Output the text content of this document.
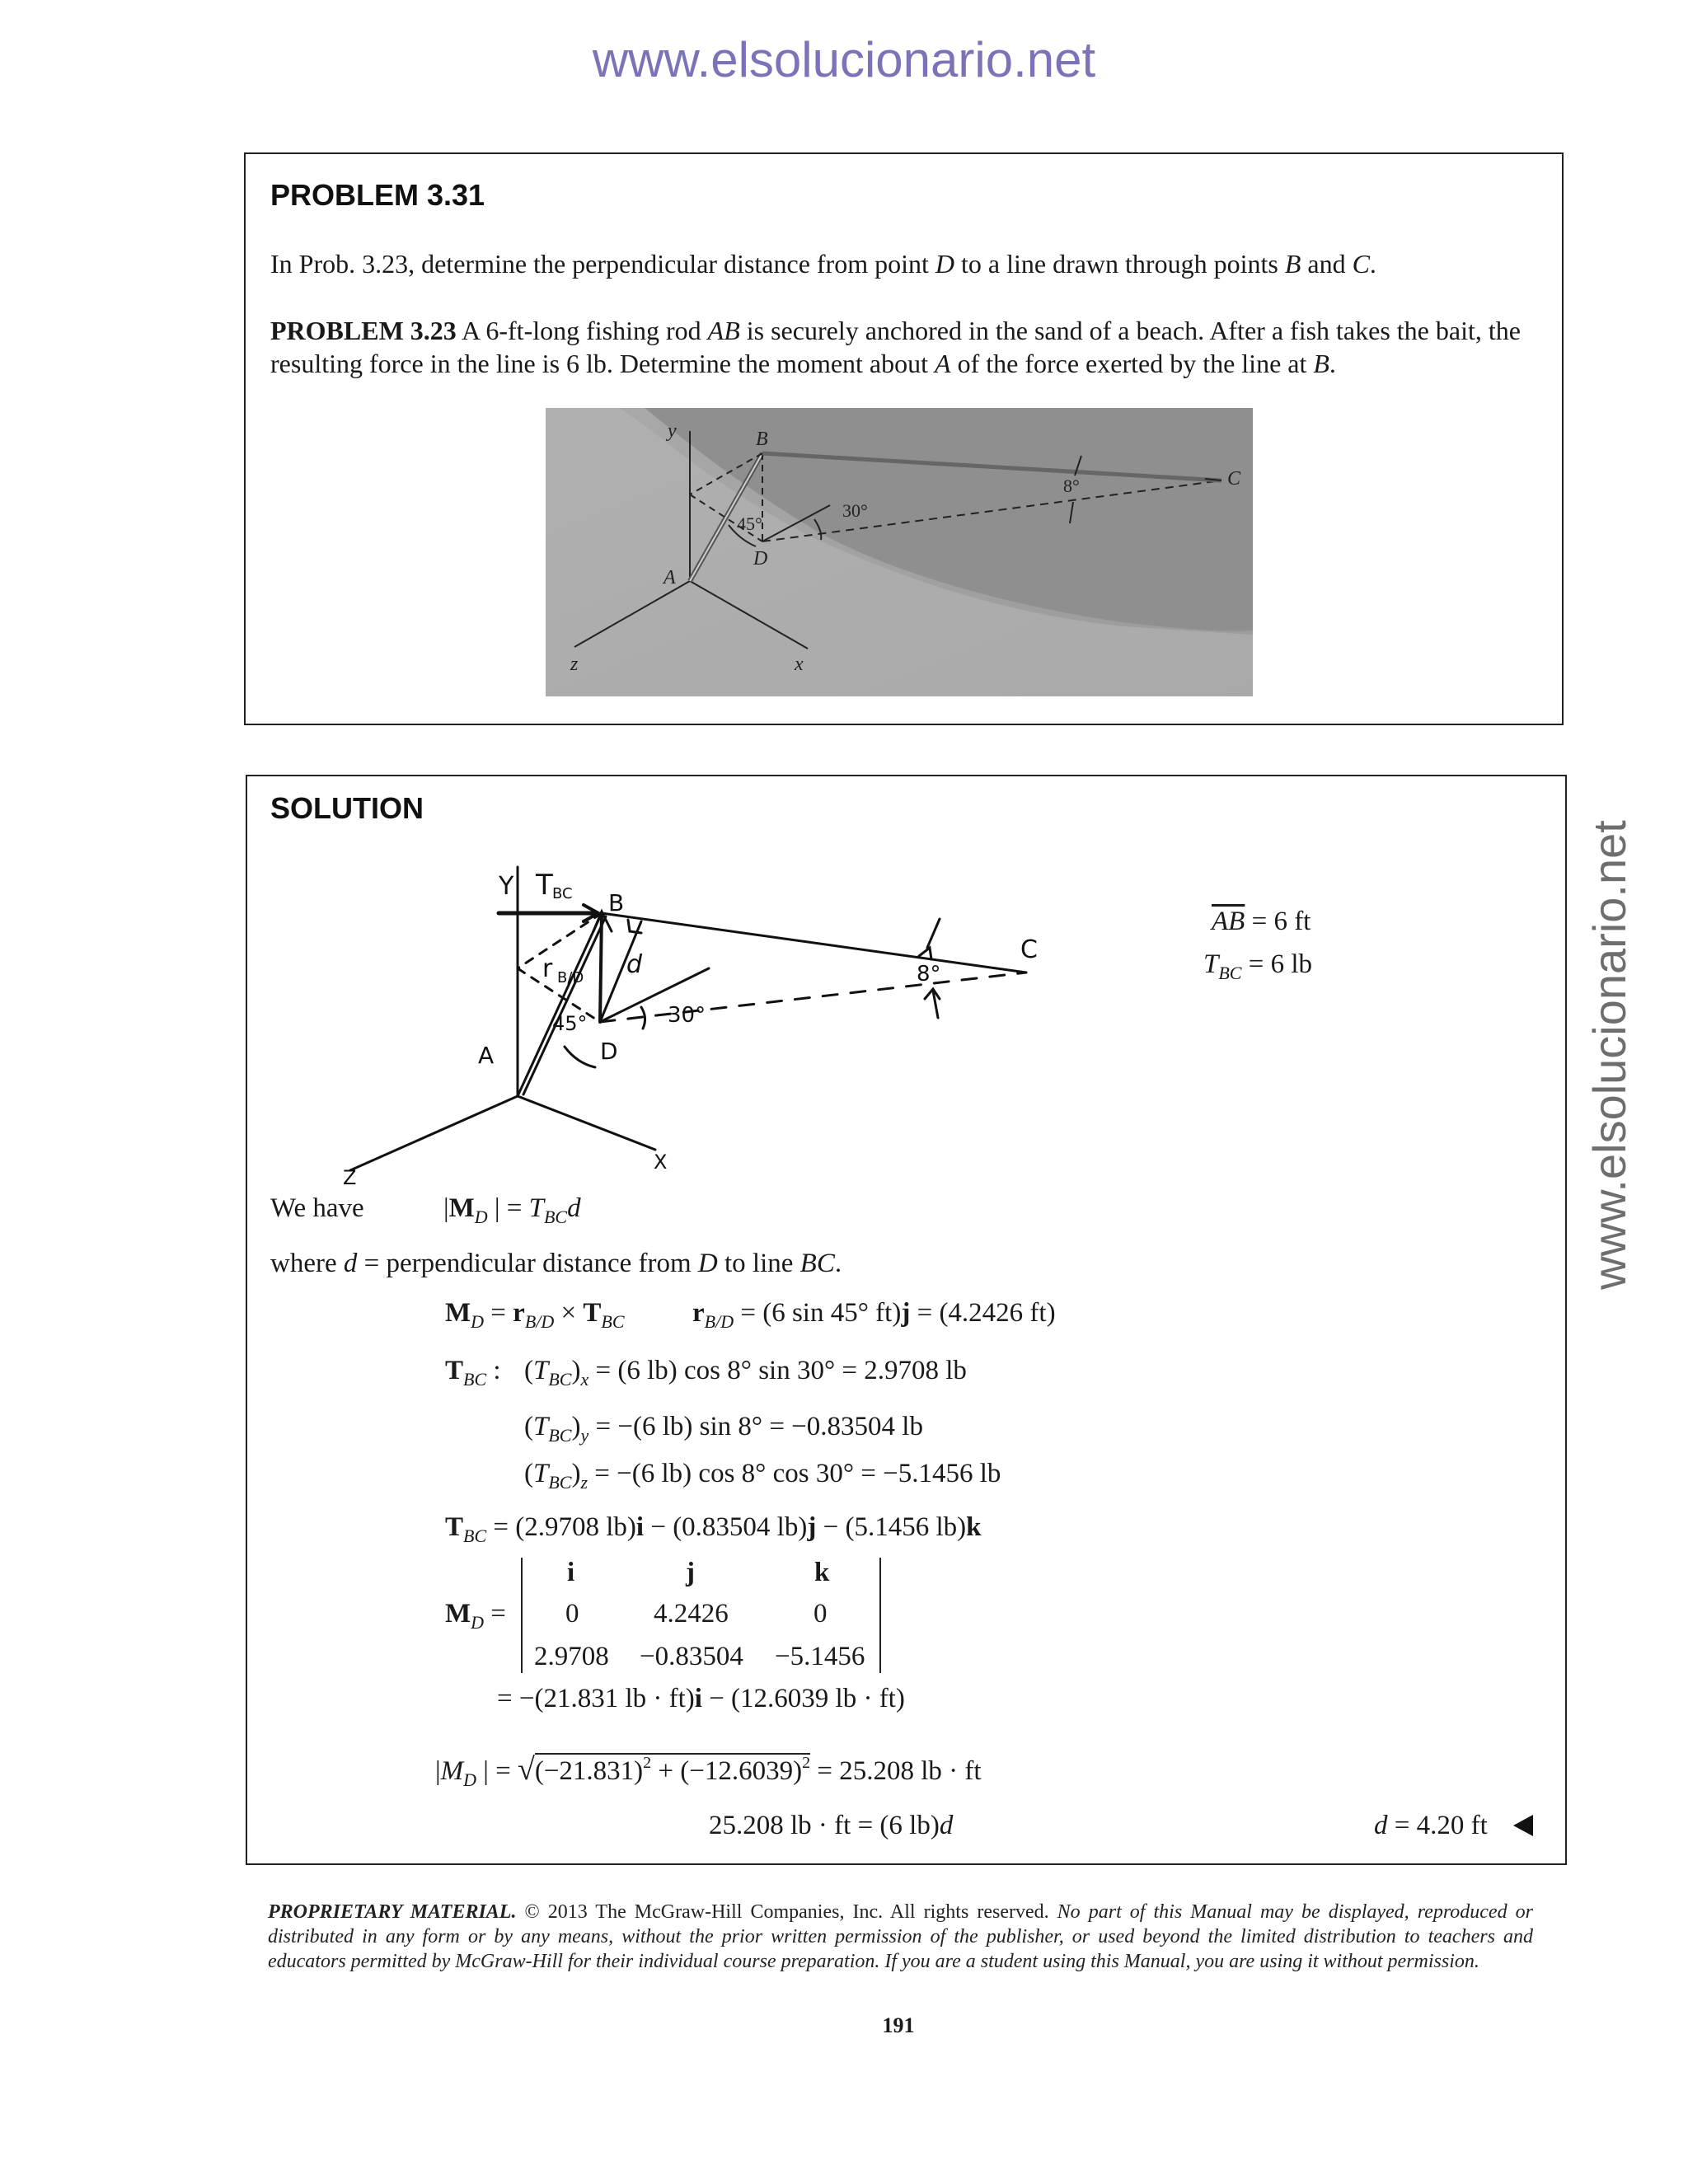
www.elsolucionario.net
www.elsolucionario.net
PROBLEM 3.31
In Prob. 3.23, determine the perpendicular distance from point D to a line drawn through points B and C.
PROBLEM 3.23 A 6-ft-long fishing rod AB is securely anchored in the sand of a beach. After a fish takes the bait, the resulting force in the line is 6 lb. Determine the moment about A of the force exerted by the line at B.
y	B
C
D
A
z	x
45°
30°
8°
SOLUTION
Y T BC B
C
r B/D d
45°	30°
8°
A	D
Z
X
$\overline{AB} = 6$ ft
$T_{BC} = 6$ lb
We have	$|M_D$ | = $T_{BC}d$
where d = perpendicular distance from D to line BC.
$M_D = r_{B/D} \times T_{BC}$ $r_{B/D} = (6$ sin 45° ft)j = (4.2426 ft)
$T_{BC}$ : $(T_{BC})_x = (6$ lb) cos 8° sin 30° = 2.9708 lb
$(T_{BC})_y = -(6$ lb) sin 8° = −0.83504 lb
$(T_{BC})_z = -(6$ lb) cos 8° cos 30° = −5.1456 lb
$T_{BC} = (2.9708$ lb)i − (0.83504 lb)j − (5.1456 lb)k
$M_D$ =
i	j	k
0	4.2426	0
2.9708 −0.83504 −5.1456
= −(21.831 lb · ft)i − (12.6039 lb · ft)
$|M_D$ | = $√(-21.831)^2 + (-12.6039)^2 = 25.208$ lb · ft
25.208 lb · ft = (6 lb)d	d = 4.20 ft
PROPRIETARY MATERIAL. © 2013 The McGraw-Hill Companies, Inc. All rights reserved. No part of this Manual may be displayed, reproduced or distributed in any form or by any means, without the prior written permission of the publisher, or used beyond the limited distribution to teachers and educators permitted by McGraw-Hill for their individual course preparation. If you are a student using this Manual, you are using it without permission.
191
